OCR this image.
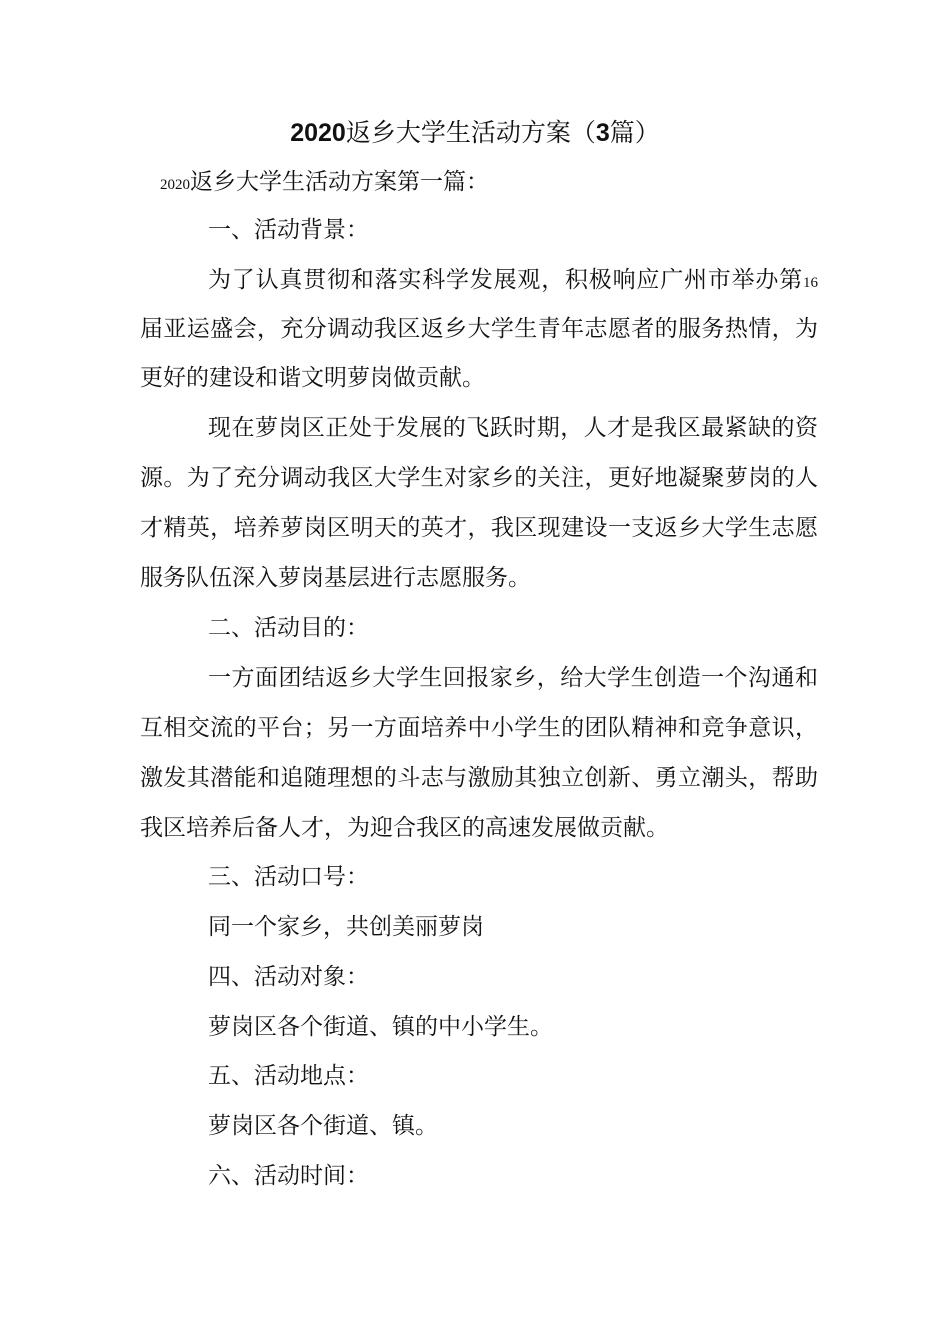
2020返乡大学生活动方案（3篇）
2020返乡大学生活动方案第一篇：
一、活动背景：
为了认真贯彻和落实科学发展观，积极响应广州市举办第16
届亚运盛会，充分调动我区返乡大学生青年志愿者的服务热情，为
更好的建设和谐文明萝岗做贡献。
现在萝岗区正处于发展的飞跃时期，人才是我区最紧缺的资
源。为了充分调动我区大学生对家乡的关注，更好地凝聚萝岗的人
才精英，培养萝岗区明天的英才，我区现建设一支返乡大学生志愿
服务队伍深入萝岗基层进行志愿服务。
二、活动目的：
一方面团结返乡大学生回报家乡，给大学生创造一个沟通和
互相交流的平台；另一方面培养中小学生的团队精神和竞争意识，
激发其潜能和追随理想的斗志与激励其独立创新、勇立潮头，帮助
我区培养后备人才，为迎合我区的高速发展做贡献。
三、活动口号：
同一个家乡，共创美丽萝岗
四、活动对象：
萝岗区各个街道、镇的中小学生。
五、活动地点：
萝岗区各个街道、镇。
六、活动时间：
